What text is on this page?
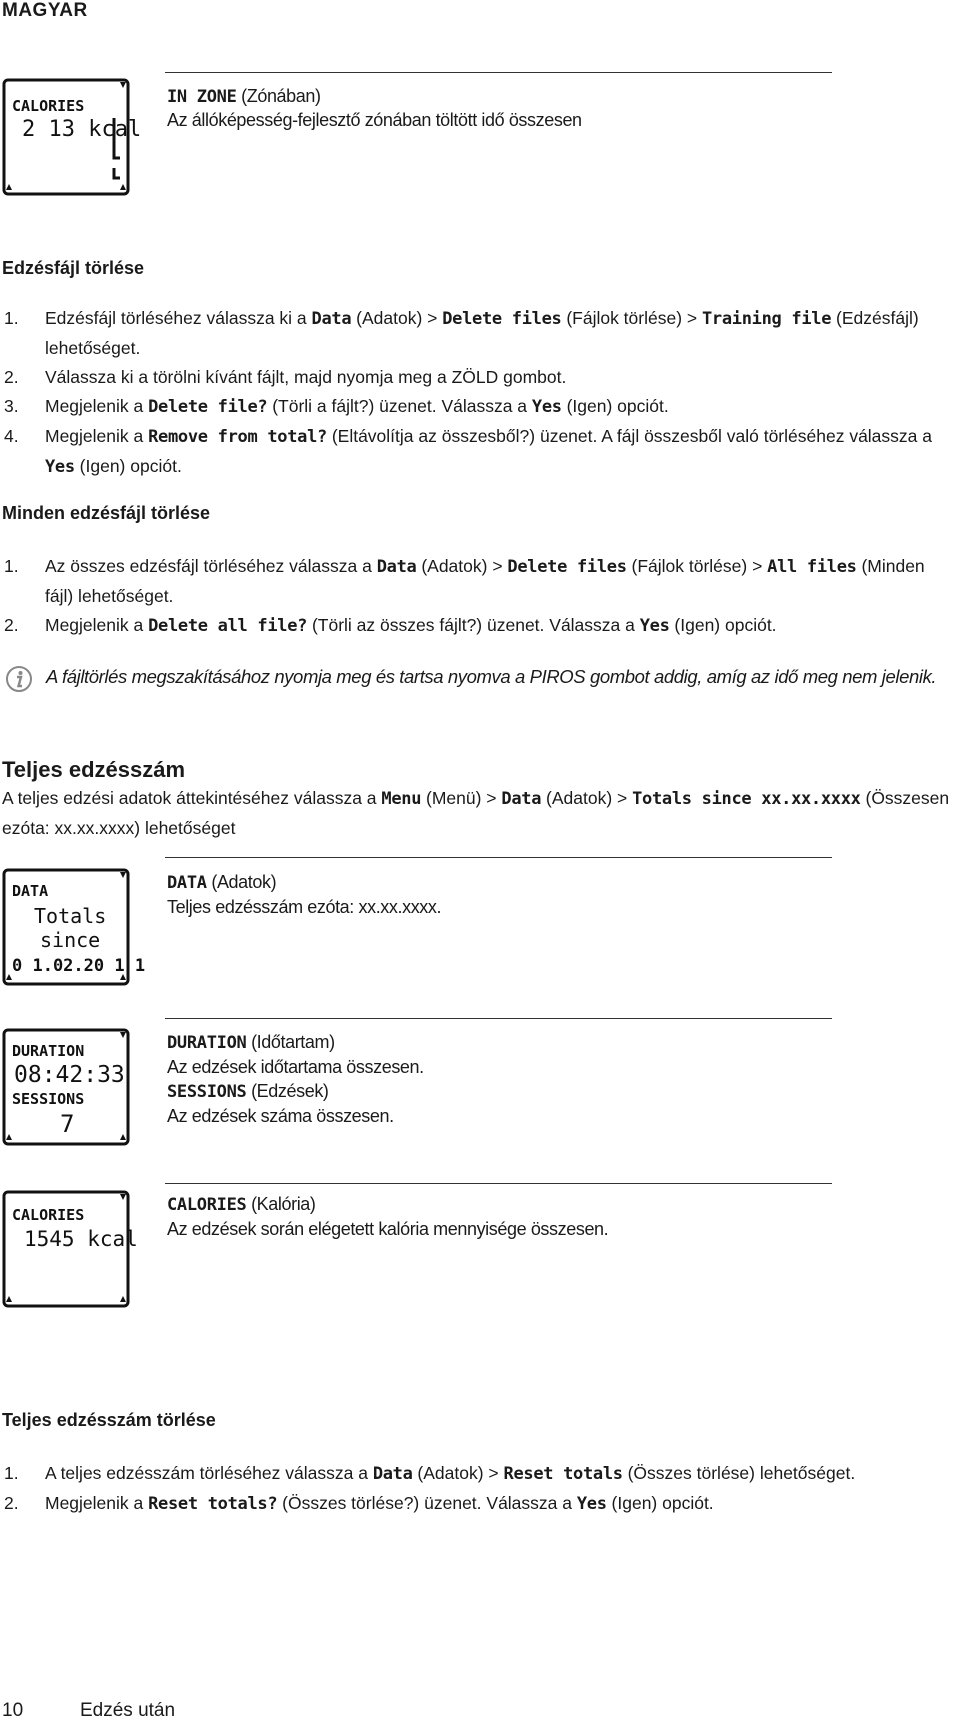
MAGYAR
CALORIES
2 13 kcal
IN ZONE (Zónában)
Az állóképesség-fejlesztő zónában töltött idő összesen
Edzésfájl törlése
1. Edzésfájl törléséhez válassza ki a Data (Adatok) > Delete files (Fájlok törlése) > Training file (Edzésfájl) lehetőséget.
2. Válassza ki a törölni kívánt fájlt, majd nyomja meg a ZÖLD gombot.
3. Megjelenik a Delete file? (Törli a fájlt?) üzenet. Válassza a Yes (Igen) opciót.
4. Megjelenik a Remove from total? (Eltávolítja az összesből?) üzenet. A fájl összesből való törléséhez válassza a Yes (Igen) opciót.
Minden edzésfájl törlése
1. Az összes edzésfájl törléséhez válassza a Data (Adatok) > Delete files (Fájlok törlése) > All files (Minden fájl) lehetőséget.
2. Megjelenik a Delete all file? (Törli az összes fájlt?) üzenet. Válassza a Yes (Igen) opciót.
A fájltörlés megszakításához nyomja meg és tartsa nyomva a PIROS gombot addig, amíg az idő meg nem jelenik.
Teljes edzésszám
A teljes edzési adatok áttekintéséhez válassza a Menu (Menü) > Data (Adatok) > Totals since xx.xx.xxxx (Összesen ezóta: xx.xx.xxxx) lehetőséget
DATA
Totals
since
0 1.02.20 1 1
DATA (Adatok)
Teljes edzésszám ezóta: xx.xx.xxxx.
DURATION
08:42:33
SESSIONS
7
DURATION (Időtartam)
Az edzések időtartama összesen.
SESSIONS (Edzések)
Az edzések száma összesen.
CALORIES
1545 kcal
CALORIES (Kalória)
Az edzések során elégetett kalória mennyisége összesen.
Teljes edzésszám törlése
1. A teljes edzésszám törléséhez válassza a Data (Adatok) > Reset totals (Összes törlése) lehetőséget.
2. Megjelenik a Reset totals? (Összes törlése?) üzenet. Válassza a Yes (Igen) opciót.
10	Edzés után
